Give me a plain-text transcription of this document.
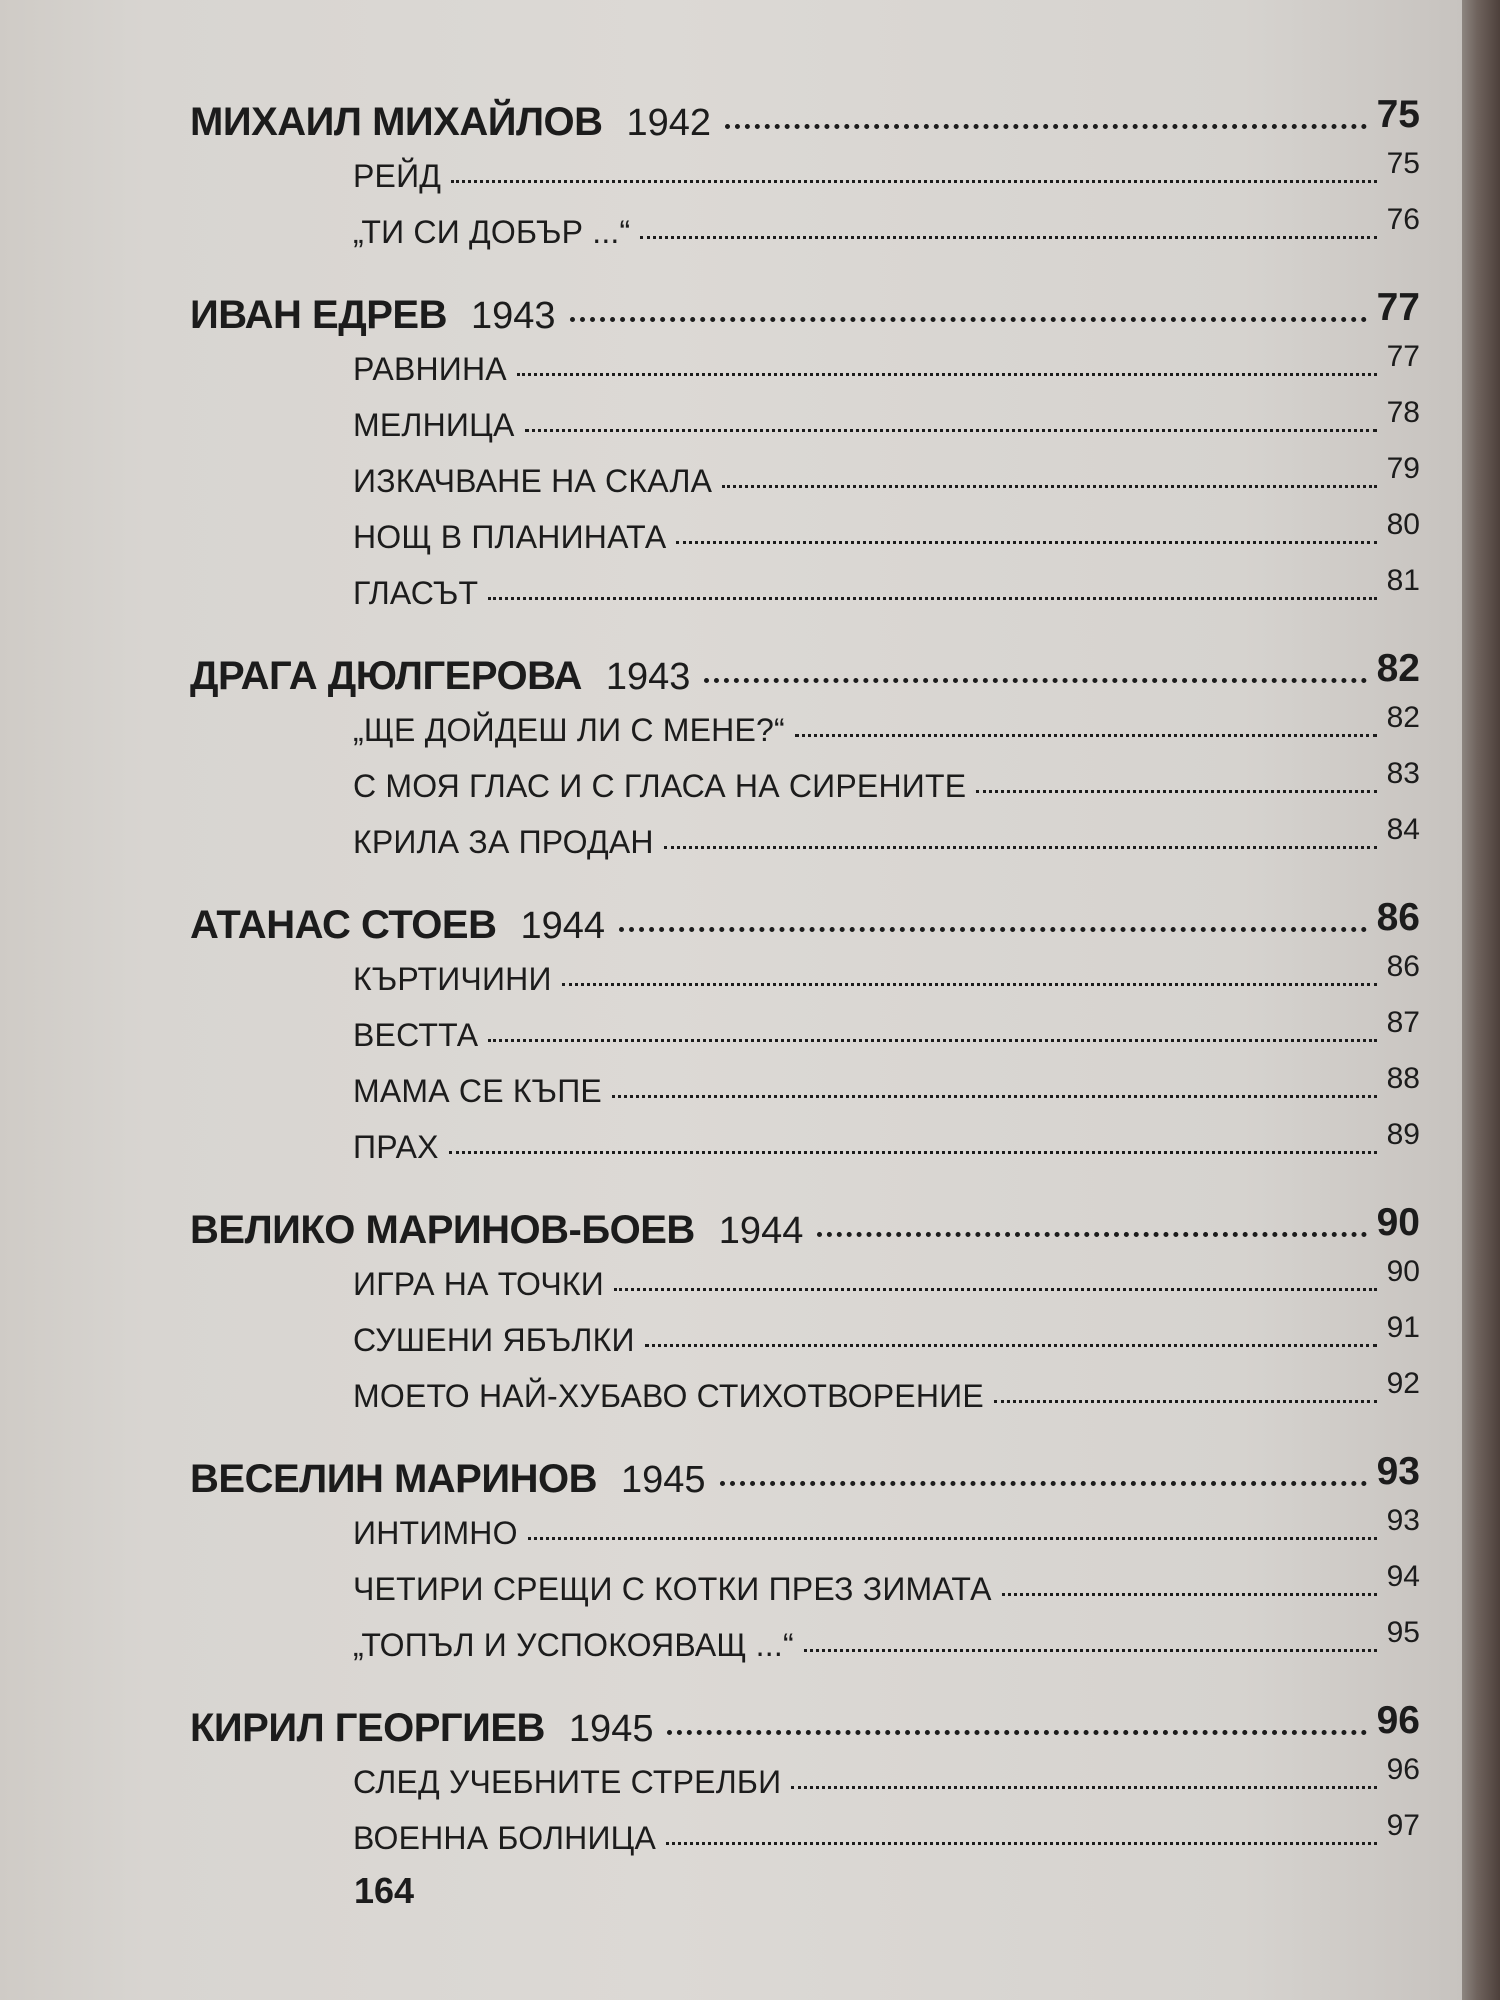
МИХАИЛ МИХАЙЛОВ 1942	75
РЕЙД	75
„ТИ СИ ДОБЪР ...“	76
ИВАН ЕДРЕВ 1943	77
РАВНИНА	77
МЕЛНИЦА	78
ИЗКАЧВАНЕ НА СКАЛА	79
НОЩ В ПЛАНИНАТА	80
ГЛАСЪТ	81
ДРАГА ДЮЛГЕРОВА 1943	82
„ЩЕ ДОЙДЕШ ЛИ С МЕНЕ?“	82
С МОЯ ГЛАС И С ГЛАСА НА СИРЕНИТЕ	83
КРИЛА ЗА ПРОДАН	84
АТАНАС СТОЕВ 1944	86
КЪРТИЧИНИ	86
ВЕСТТА	87
МАМА СЕ КЪПЕ	88
ПРАХ	89
ВЕЛИКО МАРИНОВ-БОЕВ 1944	90
ИГРА НА ТОЧКИ	90
СУШЕНИ ЯБЪЛКИ	91
МОЕТО НАЙ-ХУБАВО СТИХОТВОРЕНИЕ	92
ВЕСЕЛИН МАРИНОВ 1945	93
ИНТИМНО	93
ЧЕТИРИ СРЕЩИ С КОТКИ ПРЕЗ ЗИМАТА	94
„ТОПЪЛ И УСПОКОЯВАЩ ...“	95
КИРИЛ ГЕОРГИЕВ 1945	96
СЛЕД УЧЕБНИТЕ СТРЕЛБИ	96
ВОЕННА БОЛНИЦА	97
164
